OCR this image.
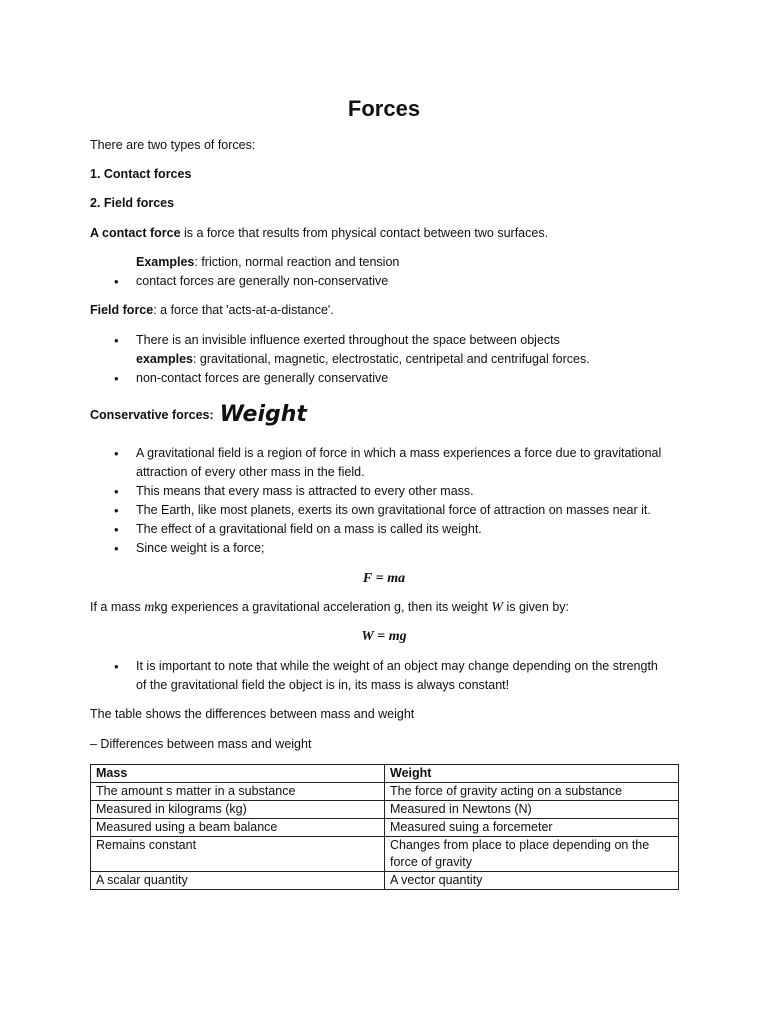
Forces
There are two types of forces:
1. Contact forces
2. Field forces
A contact force is a force that results from physical contact between two surfaces.
Examples: friction, normal reaction and tension
• contact forces are generally non-conservative
Field force: a force that 'acts-at-a-distance'.
• There is an invisible influence exerted throughout the space between objects
examples: gravitational, magnetic, electrostatic, centripetal and centrifugal forces.
• non-contact forces are generally conservative
Conservative forces: Weight
• A gravitational field is a region of force in which a mass experiences a force due to gravitational
attraction of every other mass in the field.
• This means that every mass is attracted to every other mass.
• The Earth, like most planets, exerts its own gravitational force of attraction on masses near it.
• The effect of a gravitational field on a mass is called its weight.
• Since weight is a force;
F = ma
If a mass mkg experiences a gravitational acceleration g, then its weight W is given by:
W = mg
• It is important to note that while the weight of an object may change depending on the strength
of the gravitational field the object is in, its mass is always constant!
The table shows the differences between mass and weight
– Differences between mass and weight
Mass	Weight
The amount s matter in a substance	The force of gravity acting on a substance
Measured in kilograms (kg)	Measured in Newtons (N)
Measured using a beam balance	Measured suing a forcemeter
Remains constant	Changes from place to place depending on the force of gravity
A scalar quantity	A vector quantity
